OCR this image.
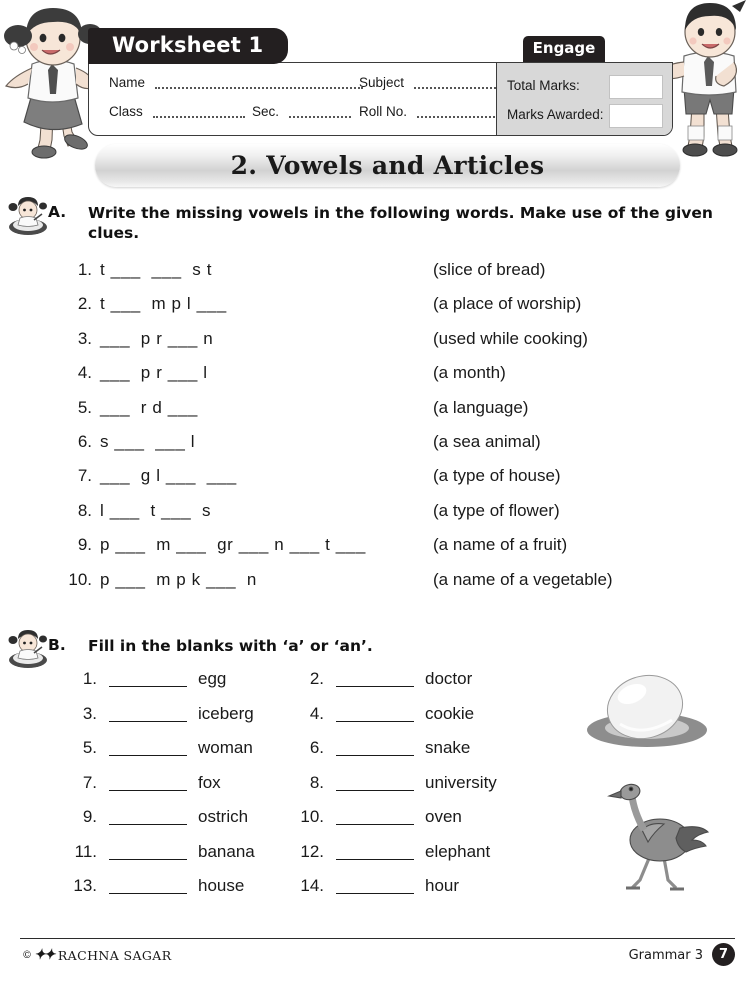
Worksheet 1	Engage
Name	Subject
Class	Sec.	Roll No.
Total Marks:
Marks Awarded:
2. Vowels and Articles
A. Write the missing vowels in the following words. Make use of the given clues.
1. t ___  ___  s t	(slice of bread)
2. t ___  m p l ___	(a place of worship)
3. ___  p r ___ n	(used while cooking)
4. ___  p r ___ l	(a month)
5. ___  r d ___	(a language)
6. s ___  ___ l	(a sea animal)
7. ___  g l ___  ___	(a type of house)
8. l ___  t ___  s	(a type of flower)
9. p ___  m ___  gr ___ n ___ t ___	(a name of a fruit)
10. p ___  m p k ___  n	(a name of a vegetable)
B. Fill in the blanks with ‘a’ or ‘an’.
1.	egg	2.	doctor
3.	iceberg	4.	cookie
5.	woman	6.	snake
7.	fox	8.	university
9.	ostrich	10.	oven
11.	banana	12.	elephant
13.	house	14.	hour
© ✦✦ RACHNA SAGAR	Grammar 3	7
